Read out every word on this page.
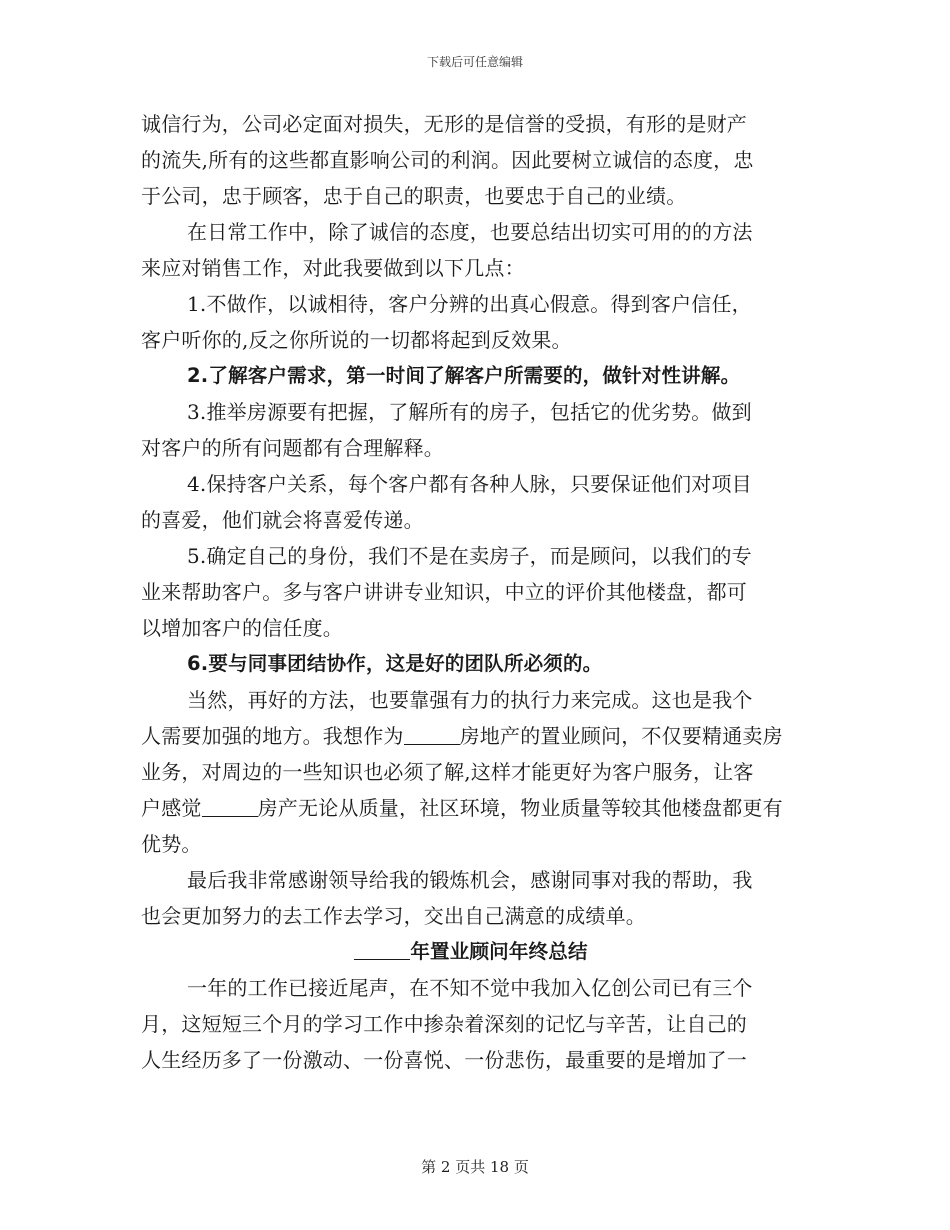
下载后可任意编辑
诚信行为，公司必定面对损失，无形的是信誉的受损，有形的是财产
的流失,所有的这些都直影响公司的利润。因此要树立诚信的态度，忠
于公司，忠于顾客，忠于自己的职责，也要忠于自己的业绩。
在日常工作中，除了诚信的态度，也要总结出切实可用的的方法
来应对销售工作，对此我要做到以下几点：
1.不做作，以诚相待，客户分辨的出真心假意。得到客户信任，
客户听你的,反之你所说的一切都将起到反效果。
2.了解客户需求，第一时间了解客户所需要的，做针对性讲解。
3.推举房源要有把握，了解所有的房子，包括它的优劣势。做到
对客户的所有问题都有合理解释。
4.保持客户关系，每个客户都有各种人脉，只要保证他们对项目
的喜爱，他们就会将喜爱传递。
5.确定自己的身份，我们不是在卖房子，而是顾问，以我们的专
业来帮助客户。多与客户讲讲专业知识，中立的评价其他楼盘，都可
以增加客户的信任度。
6.要与同事团结协作，这是好的团队所必须的。
当然，再好的方法，也要靠强有力的执行力来完成。这也是我个
人需要加强的地方。我想作为	房地产的置业顾问，不仅要精通卖房
业务，对周边的一些知识也必须了解,这样才能更好为客户服务，让客
户感觉	房产无论从质量，社区环境，物业质量等较其他楼盘都更有
优势。
最后我非常感谢领导给我的锻炼机会，感谢同事对我的帮助，我
也会更加努力的去工作去学习，交出自己满意的成绩单。
年置业顾问年终总结
一年的工作已接近尾声，在不知不觉中我加入亿创公司已有三个
月，这短短三个月的学习工作中掺杂着深刻的记忆与辛苦，让自己的
人生经历多了一份激动、一份喜悦、一份悲伤，最重要的是增加了一
第 2 页共 18 页
